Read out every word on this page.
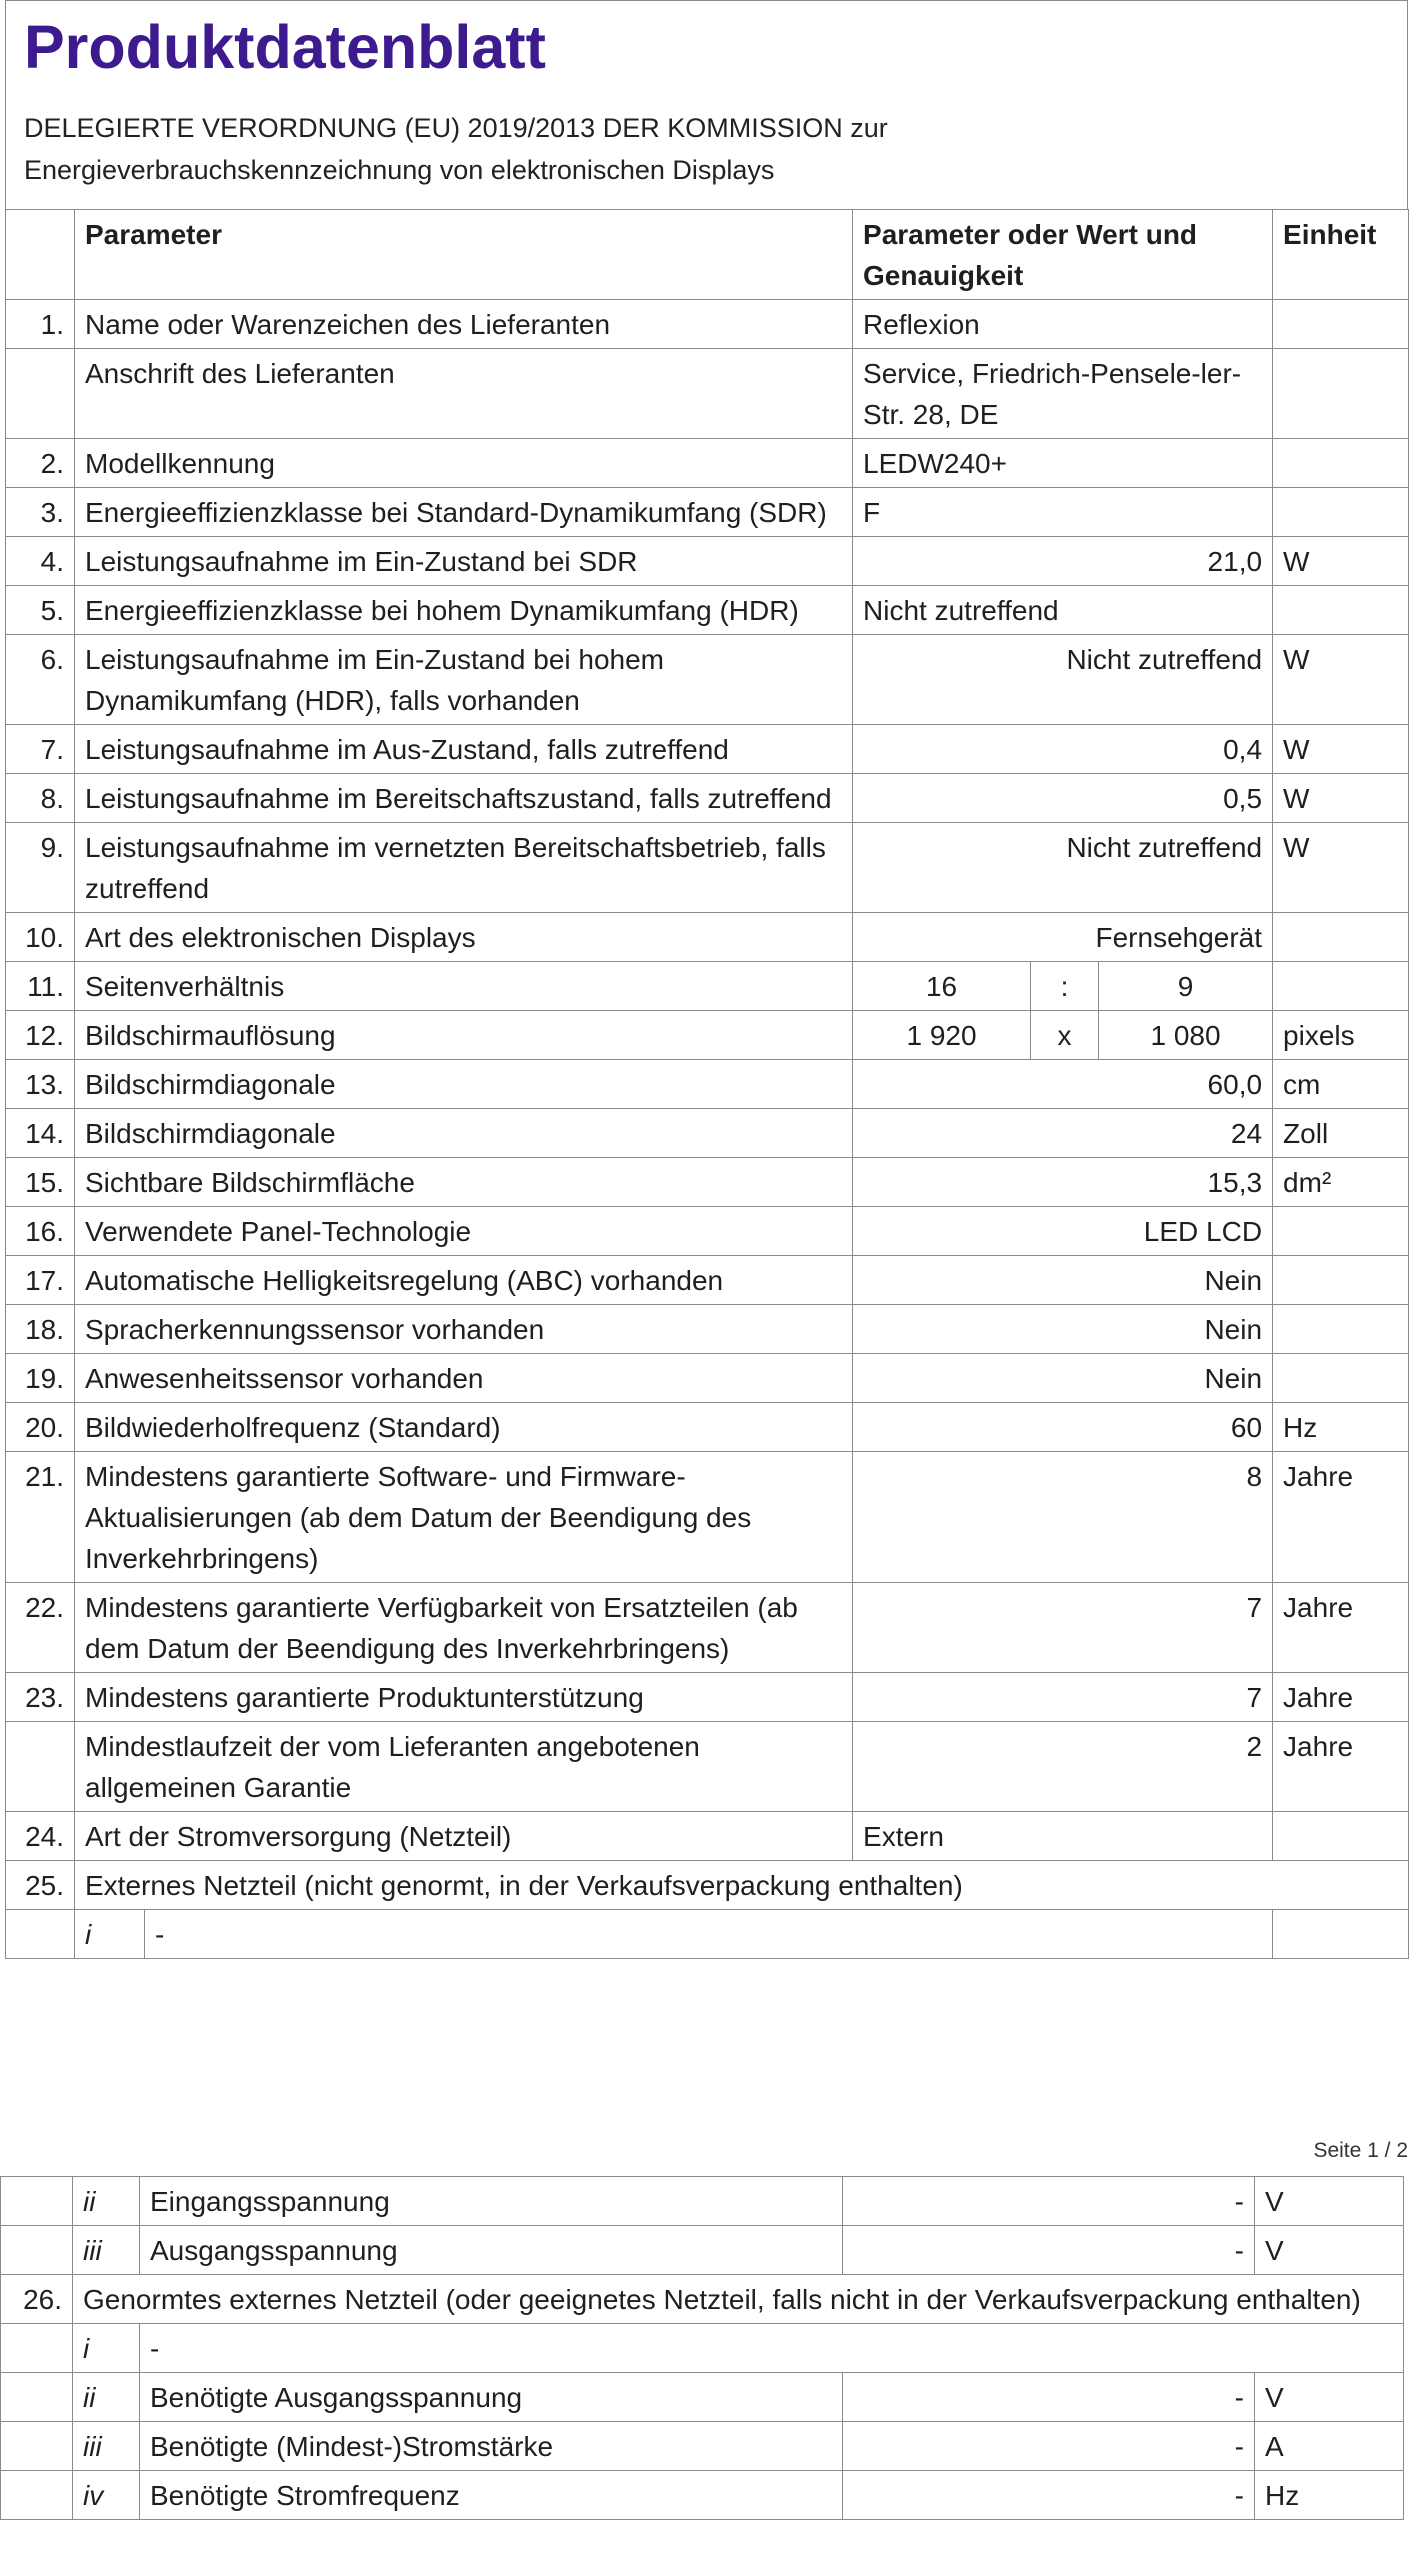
Produktdatenblatt
DELEGIERTE VERORDNUNG (EU) 2019/2013 DER KOMMISSION zur
Energieverbrauchskennzeichnung von elektronischen Displays
	Parameter		Parameter oder Wert und Genauigkeit			Einheit
1.	Name oder Warenzeichen des Lieferanten		Reflexion			
	Anschrift des Lieferanten		Service, Friedrich-Pensele-ler-Str. 28, DE			
2.	Modellkennung		LEDW240+			
3.	Energieeffizienzklasse bei Standard-Dynamikumfang (SDR)		F			
4.	Leistungsaufnahme im Ein-Zustand bei SDR		21,0			W
5.	Energieeffizienzklasse bei hohem Dynamikumfang (HDR)		Nicht zutreffend			
6.	Leistungsaufnahme im Ein-Zustand bei hohem Dynamikumfang (HDR), falls vorhanden		Nicht zutreffend			W
7.	Leistungsaufnahme im Aus-Zustand, falls zutreffend		0,4			W
8.	Leistungsaufnahme im Bereitschaftszustand, falls zutreffend		0,5			W
9.	Leistungsaufnahme im vernetzten Bereitschaftsbetrieb, falls zutreffend		Nicht zutreffend			W
10.	Art des elektronischen Displays		Fernsehgerät			
11.	Seitenverhältnis		16	:	9	
12.	Bildschirmauflösung		1 920	x	1 080	pixels
13.	Bildschirmdiagonale		60,0			cm
14.	Bildschirmdiagonale		24			Zoll
15.	Sichtbare Bildschirmfläche		15,3			dm²
16.	Verwendete Panel-Technologie		LED LCD			
17.	Automatische Helligkeitsregelung (ABC) vorhanden		Nein			
18.	Spracherkennungssensor vorhanden		Nein			
19.	Anwesenheitssensor vorhanden		Nein			
20.	Bildwiederholfrequenz (Standard)		60			Hz
21.	Mindestens garantierte Software- und Firmware-Aktualisierungen (ab dem Datum der Beendigung des Inverkehrbringens)		8			Jahre
22.	Mindestens garantierte Verfügbarkeit von Ersatzteilen (ab dem Datum der Beendigung des Inverkehrbringens)		7			Jahre
23.	Mindestens garantierte Produktunterstützung		7			Jahre
	Mindestlaufzeit der vom Lieferanten angebotenen allgemeinen Garantie		2			Jahre
24.	Art der Stromversorgung (Netzteil)		Extern			
25.	Externes Netzteil (nicht genormt, in der Verkaufsverpackung enthalten)					
	i	-				
Seite 1 / 2
	ii	Eingangsspannung	-	V
	iii	Ausgangsspannung	-	V
26.	Genormtes externes Netzteil (oder geeignetes Netzteil, falls nicht in der Verkaufsverpackung enthalten)			
	i	-		
	ii	Benötigte Ausgangsspannung	-	V
	iii	Benötigte (Mindest-)Stromstärke	-	A
	iv	Benötigte Stromfrequenz	-	Hz
